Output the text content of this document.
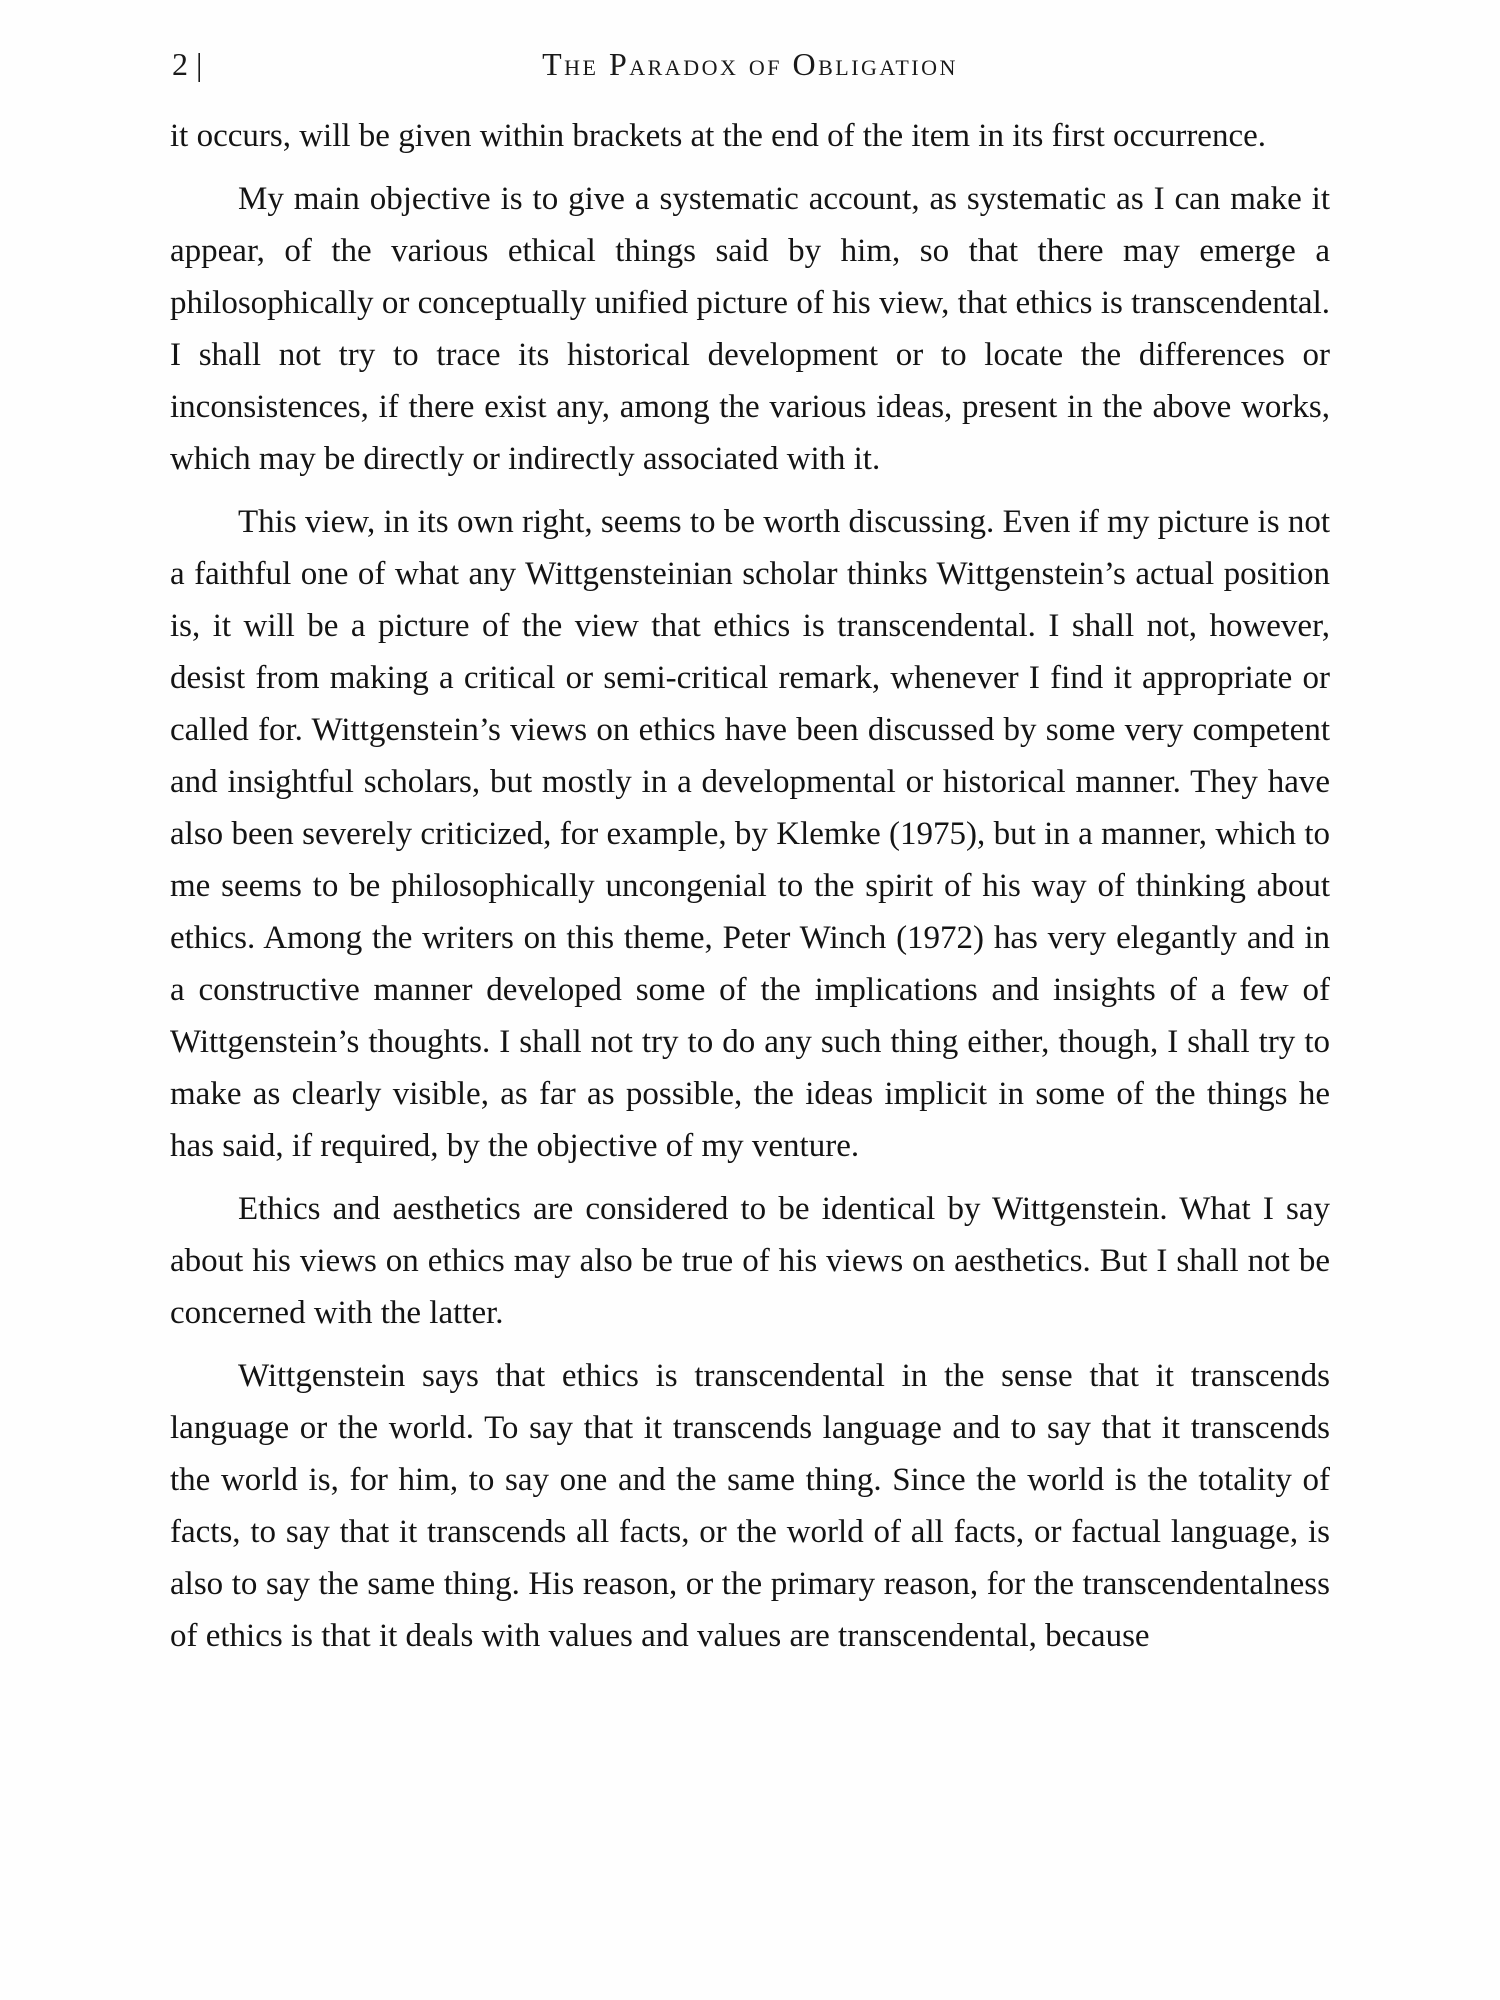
2 |	The Paradox of Obligation

it occurs, will be given within brackets at the end of the item in its first occurrence.

My main objective is to give a systematic account, as systematic as I can make it appear, of the various ethical things said by him, so that there may emerge a philosophically or conceptually unified picture of his view, that ethics is transcendental. I shall not try to trace its historical development or to locate the differences or inconsistences, if there exist any, among the various ideas, present in the above works, which may be directly or indirectly associated with it.

This view, in its own right, seems to be worth discussing. Even if my picture is not a faithful one of what any Wittgensteinian scholar thinks Wittgenstein’s actual position is, it will be a picture of the view that ethics is transcendental. I shall not, however, desist from making a critical or semi-critical remark, whenever I find it appropriate or called for. Wittgenstein’s views on ethics have been discussed by some very competent and insightful scholars, but mostly in a developmental or historical manner. They have also been severely criticized, for example, by Klemke (1975), but in a manner, which to me seems to be philosophically uncongenial to the spirit of his way of thinking about ethics. Among the writers on this theme, Peter Winch (1972) has very elegantly and in a constructive manner developed some of the implications and insights of a few of Wittgenstein’s thoughts. I shall not try to do any such thing either, though, I shall try to make as clearly visible, as far as possible, the ideas implicit in some of the things he has said, if required, by the objective of my venture.

Ethics and aesthetics are considered to be identical by Wittgenstein. What I say about his views on ethics may also be true of his views on aesthetics. But I shall not be concerned with the latter.

Wittgenstein says that ethics is transcendental in the sense that it transcends language or the world. To say that it transcends language and to say that it transcends the world is, for him, to say one and the same thing. Since the world is the totality of facts, to say that it transcends all facts, or the world of all facts, or factual language, is also to say the same thing. His reason, or the primary reason, for the transcendentalness of ethics is that it deals with values and values are transcendental, because
